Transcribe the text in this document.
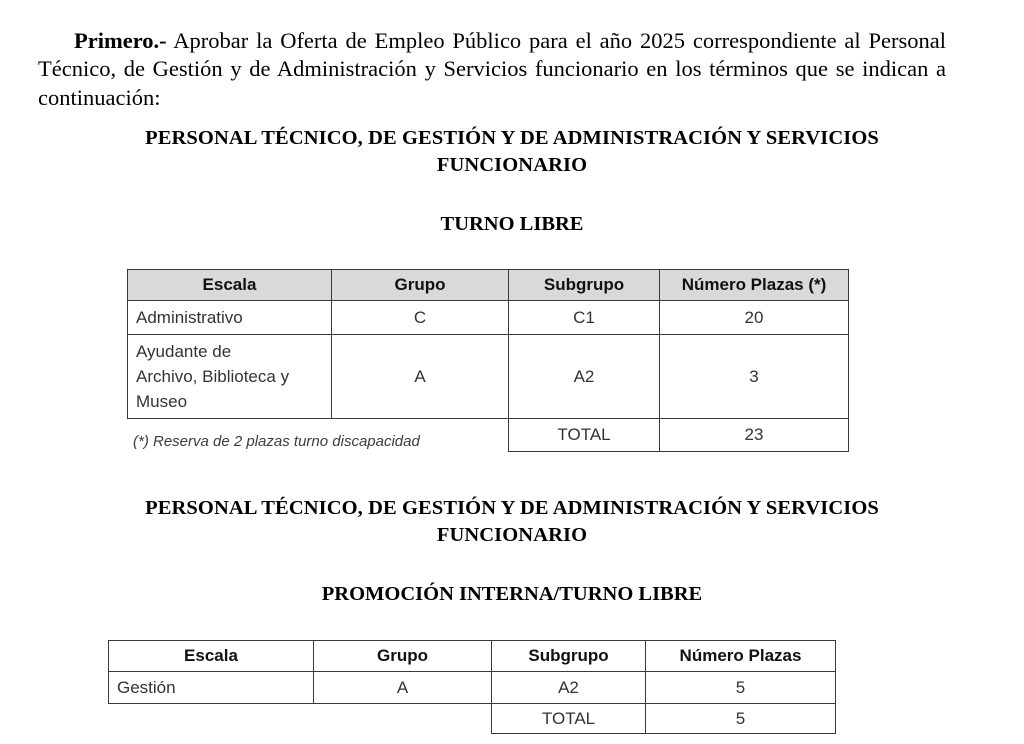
Primero.- Aprobar la Oferta de Empleo Público para el año 2025 correspondiente al Personal Técnico, de Gestión y de Administración y Servicios funcionario en los términos que se indican a continuación:

PERSONAL TÉCNICO, DE GESTIÓN Y DE ADMINISTRACIÓN Y SERVICIOS
FUNCIONARIO
TURNO LIBRE
Escala	Grupo	Subgrupo	Número Plazas (*)
Administrativo	C	C1	20

Ayudante de
Archivo, Biblioteca y
Museo	A	A2	3
		TOTAL	23
(*) Reserva de 2 plazas turno discapacidad
PERSONAL TÉCNICO, DE GESTIÓN Y DE ADMINISTRACIÓN Y SERVICIOS
FUNCIONARIO
PROMOCIÓN INTERNA/TURNO LIBRE
Escala	Grupo	Subgrupo	Número Plazas
Gestión	A	A2	5
		TOTAL	5
